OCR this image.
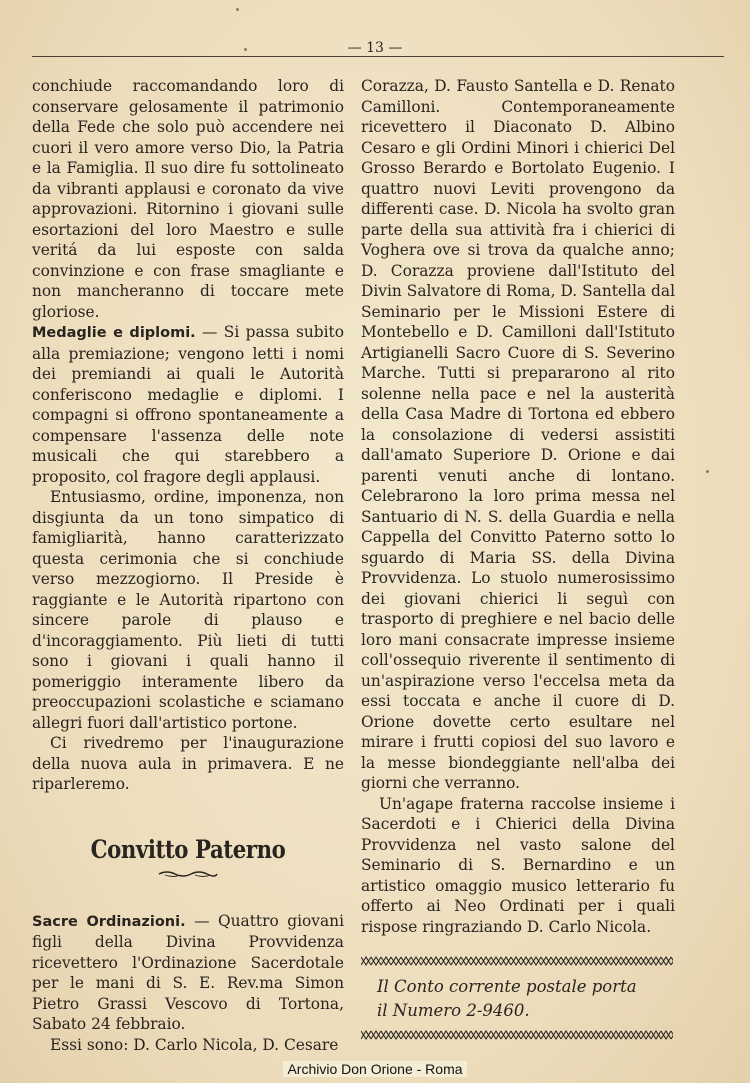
— 13 —

conchiude raccomandando loro di conservare gelosamente il patrimonio della Fede che solo può accendere nei cuori il vero amore verso Dio, la Patria e la Famiglia. Il suo dire fu sottolineato da vibranti applausi e coronato da vive approvazioni. Ritornino i giovani sulle esortazioni del loro Maestro e sulle veritá da lui esposte con salda convinzione e con frase smagliante e non mancheranno di toccare mete gloriose.

Medaglie e diplomi. — Si passa subito alla premiazione; vengono letti i nomi dei premiandi ai quali le Autorità conferiscono medaglie e diplomi. I compagni si offrono spontaneamente a compensare l'assenza delle note musicali che qui starebbero a proposito, col fragore degli applausi.

Entusiasmo, ordine, imponenza, non disgiunta da un tono simpatico di famigliarità, hanno caratterizzato questa cerimonia che si conchiude verso mezzogiorno. Il Preside è raggiante e le Autorità ripartono con sincere parole di plauso e d'incoraggiamento. Più lieti di tutti sono i giovani i quali hanno il pomeriggio interamente libero da preoccupazioni scolastiche e sciamano allegri fuori dall'artistico portone.

Ci rivedremo per l'inaugurazione della nuova aula in primavera. E ne riparleremo.

Convitto Paterno

Sacre Ordinazioni. — Quattro giovani figli della Divina Provvidenza ricevettero l'Ordinazione Sacerdotale per le mani di S. E. Rev.ma Simon Pietro Grassi Vescovo di Tortona, Sabato 24 febbraio.

Essi sono: D. Carlo Nicola, D. Cesare

Corazza, D. Fausto Santella e D. Renato Camilloni. Contemporaneamente ricevettero il Diaconato D. Albino Cesaro e gli Ordini Minori i chierici Del Grosso Berardo e Bortolato Eugenio. I quattro nuovi Leviti provengono da differenti case. D. Nicola ha svolto gran parte della sua attività fra i chierici di Voghera ove si trova da qualche anno; D. Corazza proviene dall'Istituto del Divin Salvatore di Roma, D. Santella dal Seminario per le Missioni Estere di Montebello e D. Camilloni dall'Istituto Artigianelli Sacro Cuore di S. Severino Marche. Tutti si prepararono al rito solenne nella pace e nel la austerità della Casa Madre di Tortona ed ebbero la consolazione di vedersi assistiti dall'amato Superiore D. Orione e dai parenti venuti anche di lontano. Celebrarono la loro prima messa nel Santuario di N. S. della Guardia e nella Cappella del Convitto Paterno sotto lo sguardo di Maria SS. della Divina Provvidenza. Lo stuolo numerosissimo dei giovani chierici li seguì con trasporto di preghiere e nel bacio delle loro mani consacrate impresse insieme coll'ossequio riverente il sentimento di un'aspirazione verso l'eccelsa meta da essi toccata e anche il cuore di D. Orione dovette certo esultare nel mirare i frutti copiosi del suo lavoro e la messe biondeggiante nell'alba dei giorni che verranno.

Un'agape fraterna raccolse insieme i Sacerdoti e i Chierici della Divina Provvidenza nel vasto salone del Seminario di S. Bernardino e un artistico omaggio musico letterario fu offerto ai Neo Ordinati per i quali rispose ringraziando D. Carlo Nicola.

Il Conto corrente postale porta
il Numero 2-9460.
Archivio Don Orione - Roma
